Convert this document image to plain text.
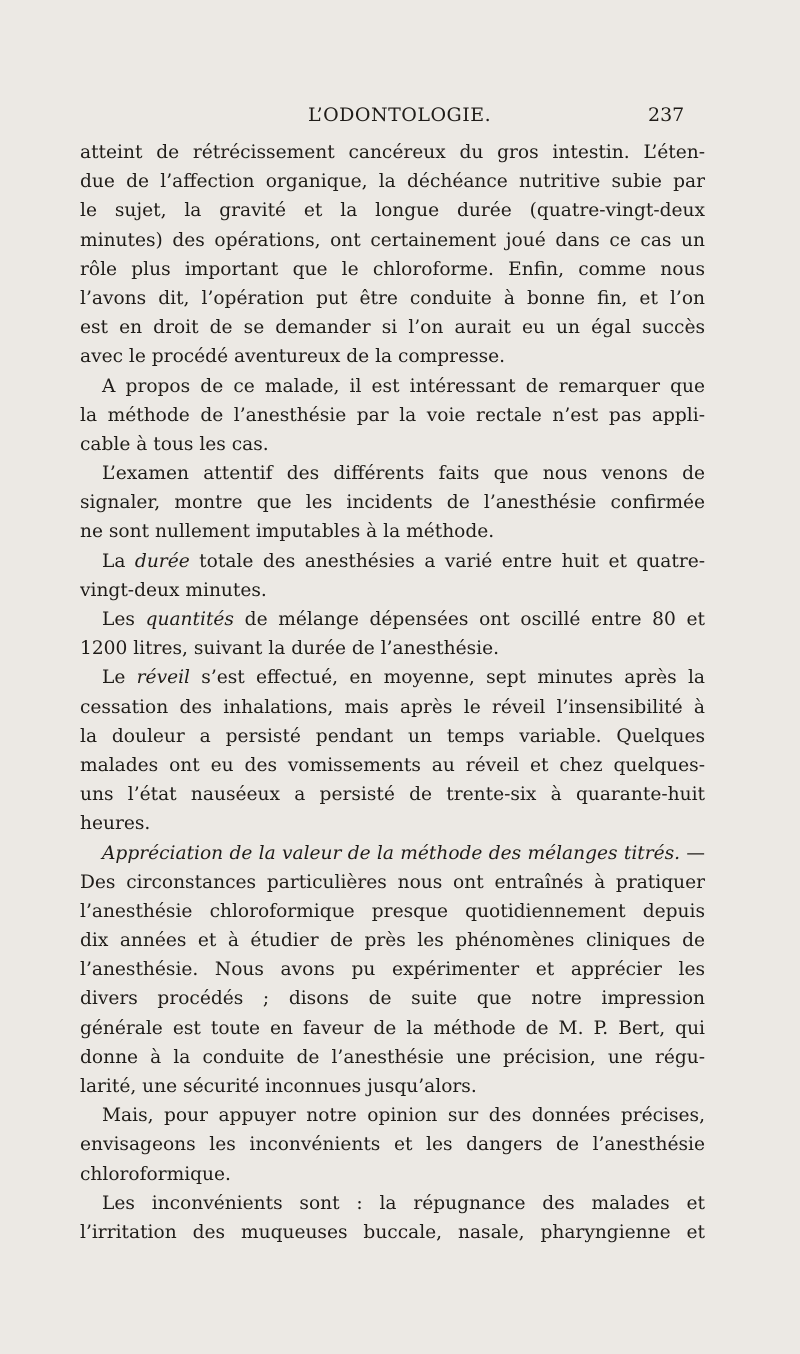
L’ODONTOLOGIE.	237
atteint de rétrécissement cancéreux du gros intestin. L’éten-
due de l’affection organique, la déchéance nutritive subie par
le sujet, la gravité et la longue durée (quatre-vingt-deux
minutes) des opérations, ont certainement joué dans ce cas un
rôle plus important que le chloroforme. Enfin, comme nous
l’avons dit, l’opération put être conduite à bonne fin, et l’on
est en droit de se demander si l’on aurait eu un égal succès
avec le procédé aventureux de la compresse.
A propos de ce malade, il est intéressant de remarquer que
la méthode de l’anesthésie par la voie rectale n’est pas appli-
cable à tous les cas.
L’examen attentif des différents faits que nous venons de
signaler, montre que les incidents de l’anesthésie confirmée
ne sont nullement imputables à la méthode.
La durée totale des anesthésies a varié entre huit et quatre-
vingt-deux minutes.
Les quantités de mélange dépensées ont oscillé entre 80 et
1200 litres, suivant la durée de l’anesthésie.
Le réveil s’est effectué, en moyenne, sept minutes après la
cessation des inhalations, mais après le réveil l’insensibilité à
la douleur a persisté pendant un temps variable. Quelques
malades ont eu des vomissements au réveil et chez quelques-
uns l’état nauséeux a persisté de trente-six à quarante-huit
heures.
Appréciation de la valeur de la méthode des mélanges titrés. —
Des circonstances particulières nous ont entraînés à pratiquer
l’anesthésie chloroformique presque quotidiennement depuis
dix années et à étudier de près les phénomènes cliniques de
l’anesthésie. Nous avons pu expérimenter et apprécier les
divers procédés ; disons de suite que notre impression
générale est toute en faveur de la méthode de M. P. Bert, qui
donne à la conduite de l’anesthésie une précision, une régu-
larité, une sécurité inconnues jusqu’alors.
Mais, pour appuyer notre opinion sur des données précises,
envisageons les inconvénients et les dangers de l’anesthésie
chloroformique.
Les inconvénients sont : la répugnance des malades et
l’irritation des muqueuses buccale, nasale, pharyngienne et
